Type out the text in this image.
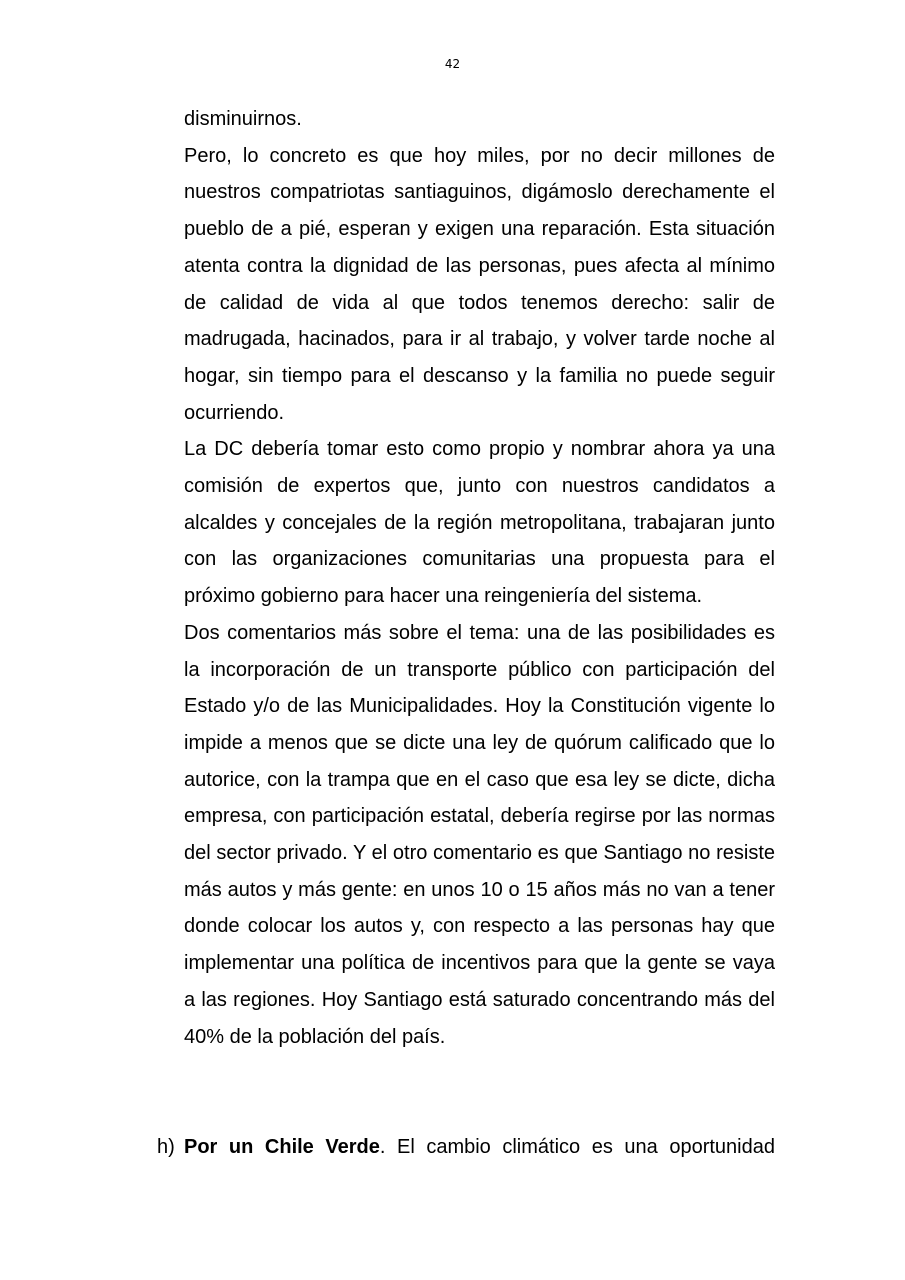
42

disminuirnos.

Pero, lo concreto es que hoy miles, por no decir millones de nuestros compatriotas santiaguinos, digámoslo derechamente el pueblo de a pié, esperan y exigen una reparación. Esta situación atenta contra la dignidad de las personas, pues afecta al mínimo de calidad de vida al que todos tenemos derecho: salir de madrugada, hacinados, para ir al trabajo, y volver tarde noche al hogar, sin tiempo para el descanso y la familia no puede seguir ocurriendo.

La DC debería tomar esto como propio y nombrar ahora ya una comisión de expertos que, junto con nuestros candidatos a alcaldes y concejales de la región metropolitana, trabajaran junto con las organizaciones comunitarias una propuesta para el próximo gobierno para hacer una reingeniería del sistema.

Dos comentarios más sobre el tema: una de las posibilidades es la incorporación de un transporte público con participación del Estado y/o de las Municipalidades. Hoy la Constitución vigente lo impide a menos que se dicte una ley de quórum calificado que lo autorice, con la trampa que en el caso que esa ley se dicte, dicha empresa, con participación estatal, debería regirse por las normas del sector privado. Y el otro comentario es que Santiago no resiste más autos y más gente: en unos 10 o 15 años más no van a tener donde colocar los autos y, con respecto a las personas hay que implementar una política de incentivos para que la gente se vaya a las regiones. Hoy Santiago está saturado concentrando más del 40% de la población del país.

h) Por un Chile Verde. El cambio climático es una oportunidad
